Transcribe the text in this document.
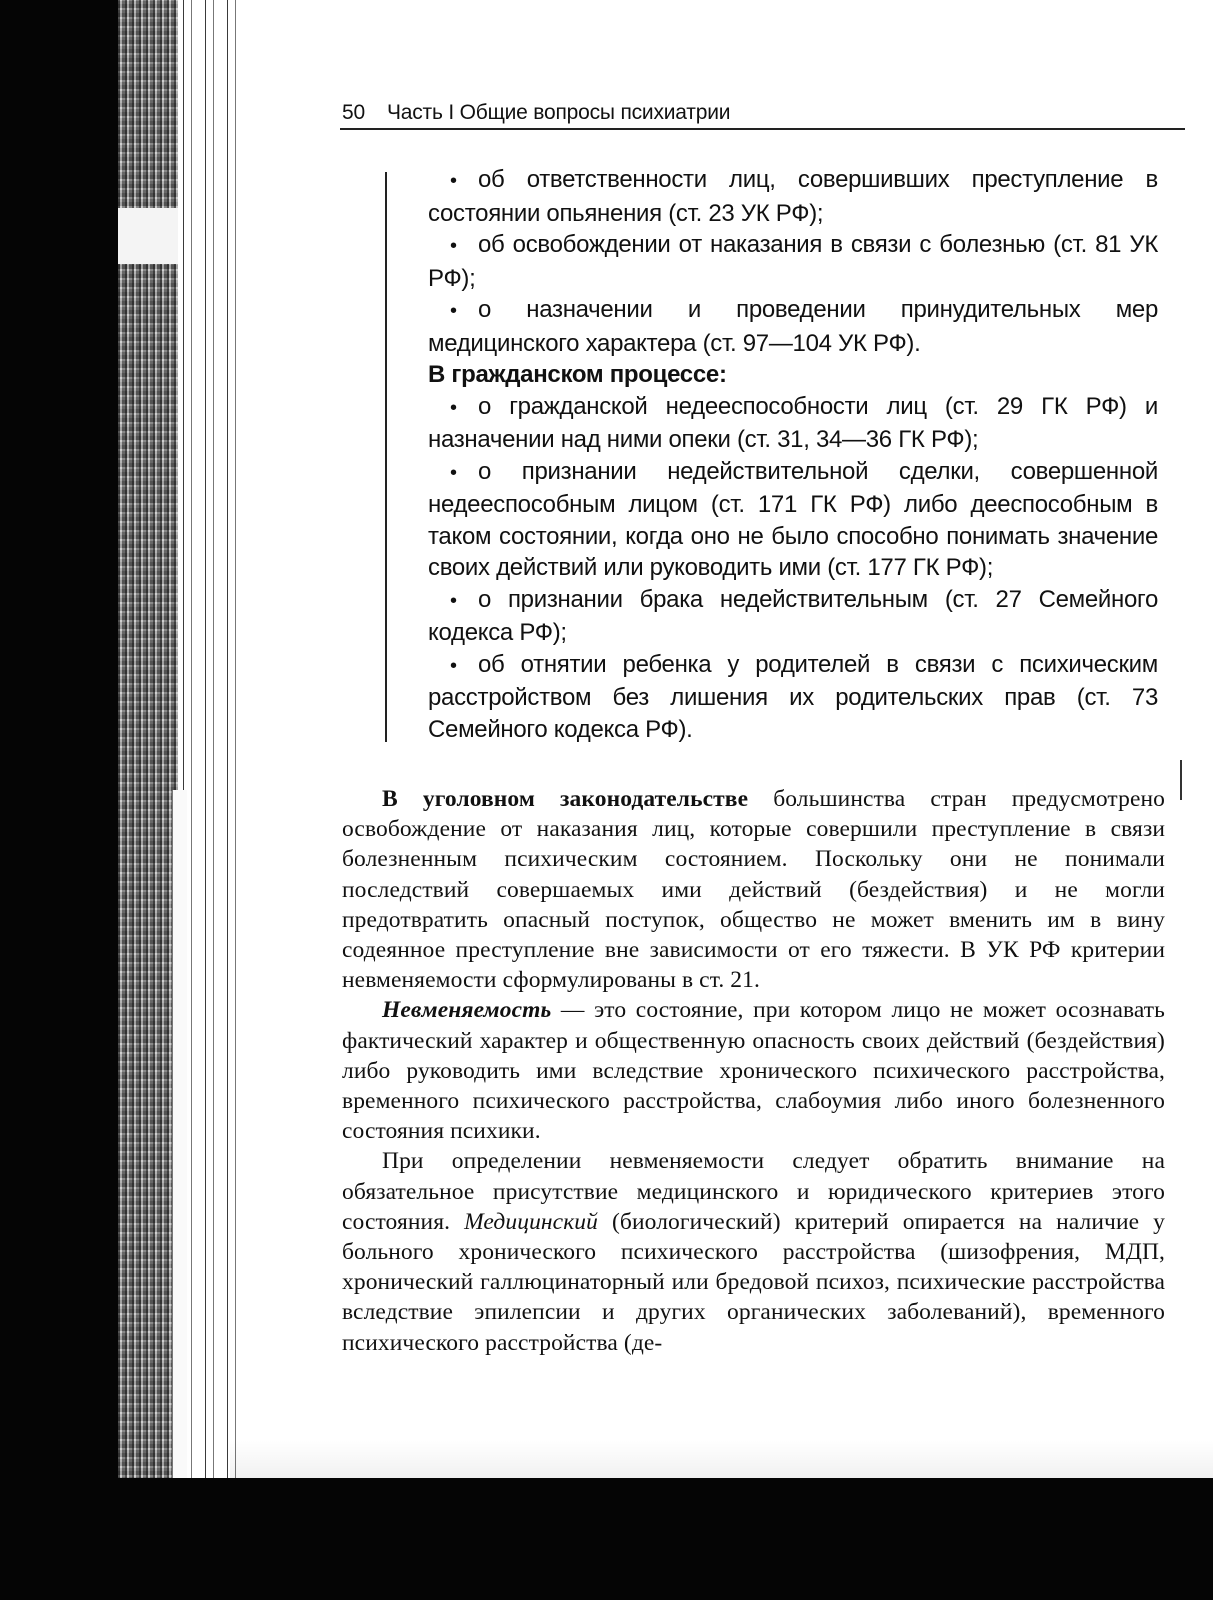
50 Часть I Общие вопросы психиатрии

• об ответственности лиц, совершивших преступление в состоянии опьянения (ст. 23 УК РФ);

• об освобождении от наказания в связи с болезнью (ст. 81 УК РФ);

• о назначении и проведении принудительных мер медицинского характера (ст. 97—104 УК РФ).

В гражданском процессе:

• о гражданской недееспособности лиц (ст. 29 ГК РФ) и назначении над ними опеки (ст. 31, 34—36 ГК РФ);

• о признании недействительной сделки, совершенной недееспособным лицом (ст. 171 ГК РФ) либо дееспособным в таком состоянии, когда оно не было способно понимать значение своих действий или руководить ими (ст. 177 ГК РФ);

• о признании брака недействительным (ст. 27 Семейного кодекса РФ);

• об отнятии ребенка у родителей в связи с психическим расстройством без лишения их родительских прав (ст. 73 Семейного кодекса РФ).

В уголовном законодательстве большинства стран предусмотрено освобождение от наказания лиц, которые совершили преступление в связи болезненным психическим состоянием. Поскольку они не понимали последствий совершаемых ими действий (бездействия) и не могли предотвратить опасный поступок, общество не может вменить им в вину содеянное преступление вне зависимости от его тяжести. В УК РФ критерии невменяемости сформулированы в ст. 21.

Невменяемость — это состояние, при котором лицо не может осознавать фактический характер и общественную опасность своих действий (бездействия) либо руководить ими вследствие хронического психического расстройства, временного психического расстройства, слабоумия либо иного болезненного состояния психики.

При определении невменяемости следует обратить внимание на обязательное присутствие медицинского и юридического критериев этого состояния. Медицинский (биологический) критерий опирается на наличие у больного хронического психического расстройства (шизофрения, МДП, хронический галлюцинаторный или бредовой психоз, психические расстройства вследствие эпилепсии и других органических заболеваний), временного психического расстройства (де-
